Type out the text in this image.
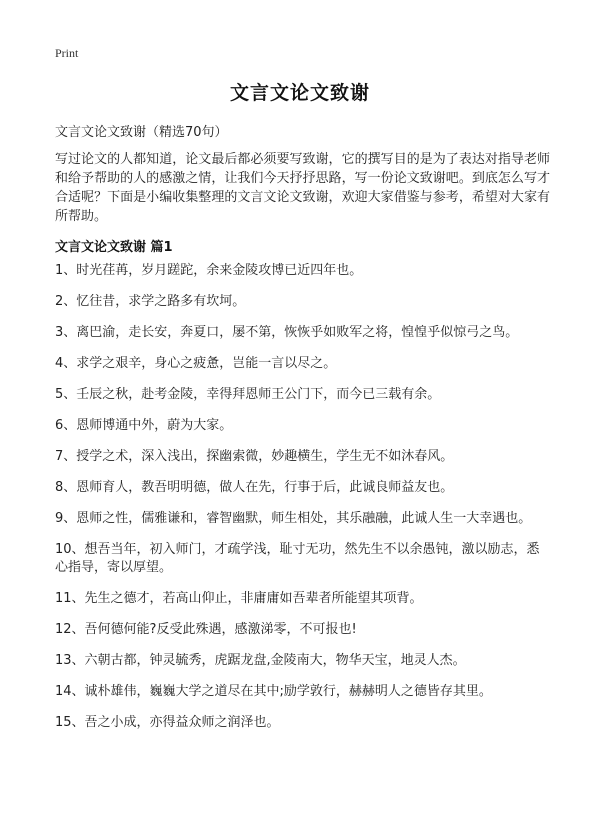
Print
文言文论文致谢
文言文论文致谢（精选70句）

写过论文的人都知道，论文最后都必须要写致谢，它的撰写目的是为了表达对指导老师和给予帮助的人的感激之情，让我们今天抒抒思路，写一份论文致谢吧。到底怎么写才合适呢？下面是小编收集整理的文言文论文致谢，欢迎大家借鉴与参考，希望对大家有所帮助。

文言文论文致谢 篇1
1、时光荏苒，岁月蹉跎，余来金陵攻博已近四年也。
2、忆往昔，求学之路多有坎坷。
3、离巴渝，走长安，奔夏口，屡不第，恢恢乎如败军之将，惶惶乎似惊弓之鸟。
4、求学之艰辛，身心之疲惫，岂能一言以尽之。
5、壬辰之秋，赴考金陵，幸得拜恩师王公门下，而今已三载有余。
6、恩师博通中外，蔚为大家。
7、授学之术，深入浅出，探幽索微，妙趣横生，学生无不如沐春风。
8、恩师育人，教吾明明德，做人在先，行事于后，此诚良师益友也。
9、恩师之性，儒雅谦和，睿智幽默，师生相处，其乐融融，此诚人生一大幸遇也。
10、想吾当年，初入师门，才疏学浅，耻寸无功，然先生不以余愚钝，激以励志，悉心指导，寄以厚望。
11、先生之德才，若高山仰止，非庸庸如吾辈者所能望其项背。
12、吾何德何能?反受此殊遇，感激涕零，不可报也!
13、六朝古都，钟灵毓秀，虎踞龙盘,金陵南大，物华天宝，地灵人杰。
14、诚朴雄伟，巍巍大学之道尽在其中;励学敦行，赫赫明人之德皆存其里。
15、吾之小成，亦得益众师之润泽也。
